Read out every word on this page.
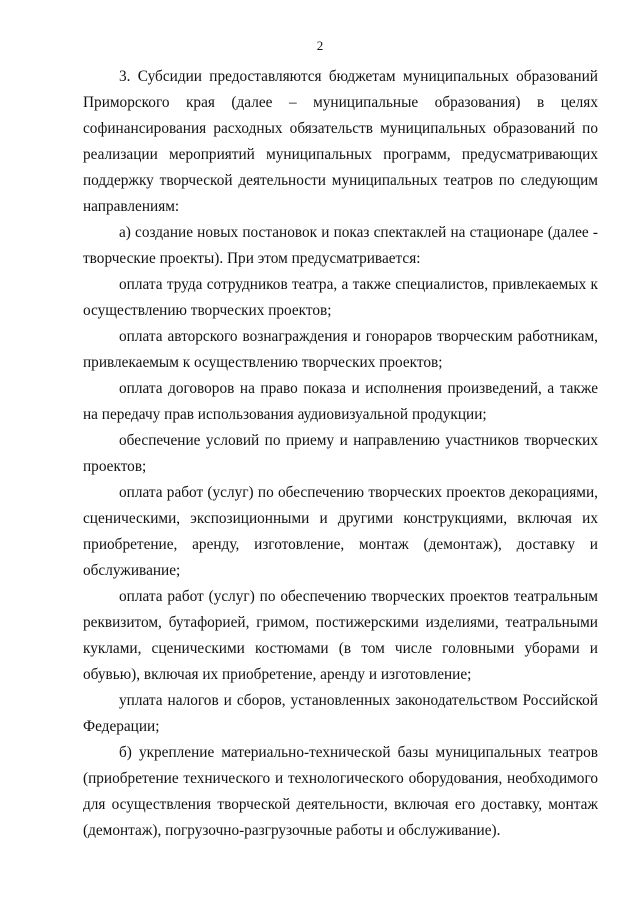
2

3. Субсидии предоставляются бюджетам муниципальных образований Приморского края (далее – муниципальные образования) в целях софинансирования расходных обязательств муниципальных образований по реализации мероприятий муниципальных программ, предусматривающих поддержку творческой деятельности муниципальных театров по следующим направлениям:

а) создание новых постановок и показ спектаклей на стационаре (далее - творческие проекты). При этом предусматривается:

оплата труда сотрудников театра, а также специалистов, привлекаемых к осуществлению творческих проектов;

оплата авторского вознаграждения и гонораров творческим работникам, привлекаемым к осуществлению творческих проектов;

оплата договоров на право показа и исполнения произведений, а также на передачу прав использования аудиовизуальной продукции;

обеспечение условий по приему и направлению участников творческих проектов;

оплата работ (услуг) по обеспечению творческих проектов декорациями, сценическими, экспозиционными и другими конструкциями, включая их приобретение, аренду, изготовление, монтаж (демонтаж), доставку и обслуживание;

оплата работ (услуг) по обеспечению творческих проектов театральным реквизитом, бутафорией, гримом, постижерскими изделиями, театральными куклами, сценическими костюмами (в том числе головными уборами и обувью), включая их приобретение, аренду и изготовление;

уплата налогов и сборов, установленных законодательством Российской Федерации;

б) укрепление материально-технической базы муниципальных театров (приобретение технического и технологического оборудования, необходимого для осуществления творческой деятельности, включая его доставку, монтаж (демонтаж), погрузочно-разгрузочные работы и обслуживание).
